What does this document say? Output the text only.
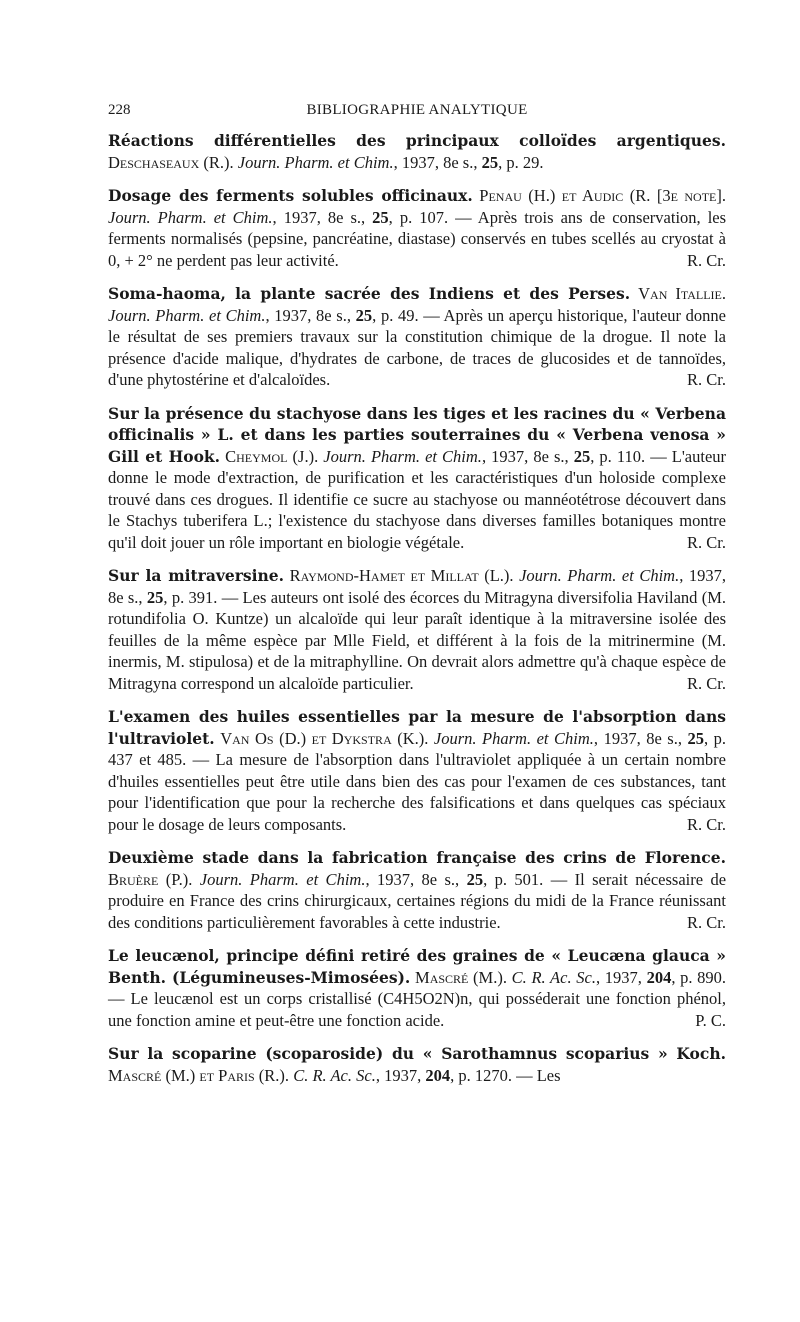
228	BIBLIOGRAPHIE ANALYTIQUE

Réactions différentielles des principaux colloïdes argentiques. Deschaseaux (R.). Journ. Pharm. et Chim., 1937, 8e s., 25, p. 29.

Dosage des ferments solubles officinaux. Penau (H.) et Audic (R. [3e note]. Journ. Pharm. et Chim., 1937, 8e s., 25, p. 107. — Après trois ans de conservation, les ferments normalisés (pepsine, pancréatine, diastase) conservés en tubes scellés au cryostat à 0, + 2° ne perdent pas leur activité.	R. Cr.

Soma-haoma, la plante sacrée des Indiens et des Perses. Van Itallie. Journ. Pharm. et Chim., 1937, 8e s., 25, p. 49. — Après un aperçu historique, l'auteur donne le résultat de ses premiers travaux sur la constitution chimique de la drogue. Il note la présence d'acide malique, d'hydrates de carbone, de traces de glucosides et de tannoïdes, d'une phytostérine et d'alcaloïdes.	R. Cr.

Sur la présence du stachyose dans les tiges et les racines du « Verbena officinalis » L. et dans les parties souterraines du « Verbena venosa » Gill et Hook. Cheymol (J.). Journ. Pharm. et Chim., 1937, 8e s., 25, p. 110. — L'auteur donne le mode d'extraction, de purification et les caractéristiques d'un holoside complexe trouvé dans ces drogues. Il identifie ce sucre au stachyose ou mannéotétrose découvert dans le Stachys tuberifera L.; l'existence du stachyose dans diverses familles botaniques montre qu'il doit jouer un rôle important en biologie végétale.	R. Cr.

Sur la mitraversine. Raymond-Hamet et Millat (L.). Journ. Pharm. et Chim., 1937, 8e s., 25, p. 391. — Les auteurs ont isolé des écorces du Mitragyna diversifolia Haviland (M. rotundifolia O. Kuntze) un alcaloïde qui leur paraît identique à la mitraversine isolée des feuilles de la même espèce par Mlle Field, et différent à la fois de la mitrinermine (M. inermis, M. stipulosa) et de la mitraphylline. On devrait alors admettre qu'à chaque espèce de Mitragyna correspond un alcaloïde particulier.	R. Cr.

L'examen des huiles essentielles par la mesure de l'absorption dans l'ultraviolet. Van Os (D.) et Dykstra (K.). Journ. Pharm. et Chim., 1937, 8e s., 25, p. 437 et 485. — La mesure de l'absorption dans l'ultraviolet appliquée à un certain nombre d'huiles essentielles peut être utile dans bien des cas pour l'examen de ces substances, tant pour l'identification que pour la recherche des falsifications et dans quelques cas spéciaux pour le dosage de leurs composants.	R. Cr.

Deuxième stade dans la fabrication française des crins de Florence. Bruère (P.). Journ. Pharm. et Chim., 1937, 8e s., 25, p. 501. — Il serait nécessaire de produire en France des crins chirurgicaux, certaines régions du midi de la France réunissant des conditions particulièrement favorables à cette industrie.	R. Cr.

Le leucænol, principe défini retiré des graines de « Leucæna glauca » Benth. (Légumineuses-Mimosées). Mascré (M.). C. R. Ac. Sc., 1937, 204, p. 890. — Le leucænol est un corps cristallisé (C4H5O2N)n, qui posséderait une fonction phénol, une fonction amine et peut-être une fonction acide.	P. C.

Sur la scoparine (scoparoside) du « Sarothamnus scoparius » Koch. Mascré (M.) et Paris (R.). C. R. Ac. Sc., 1937, 204, p. 1270. — Les
